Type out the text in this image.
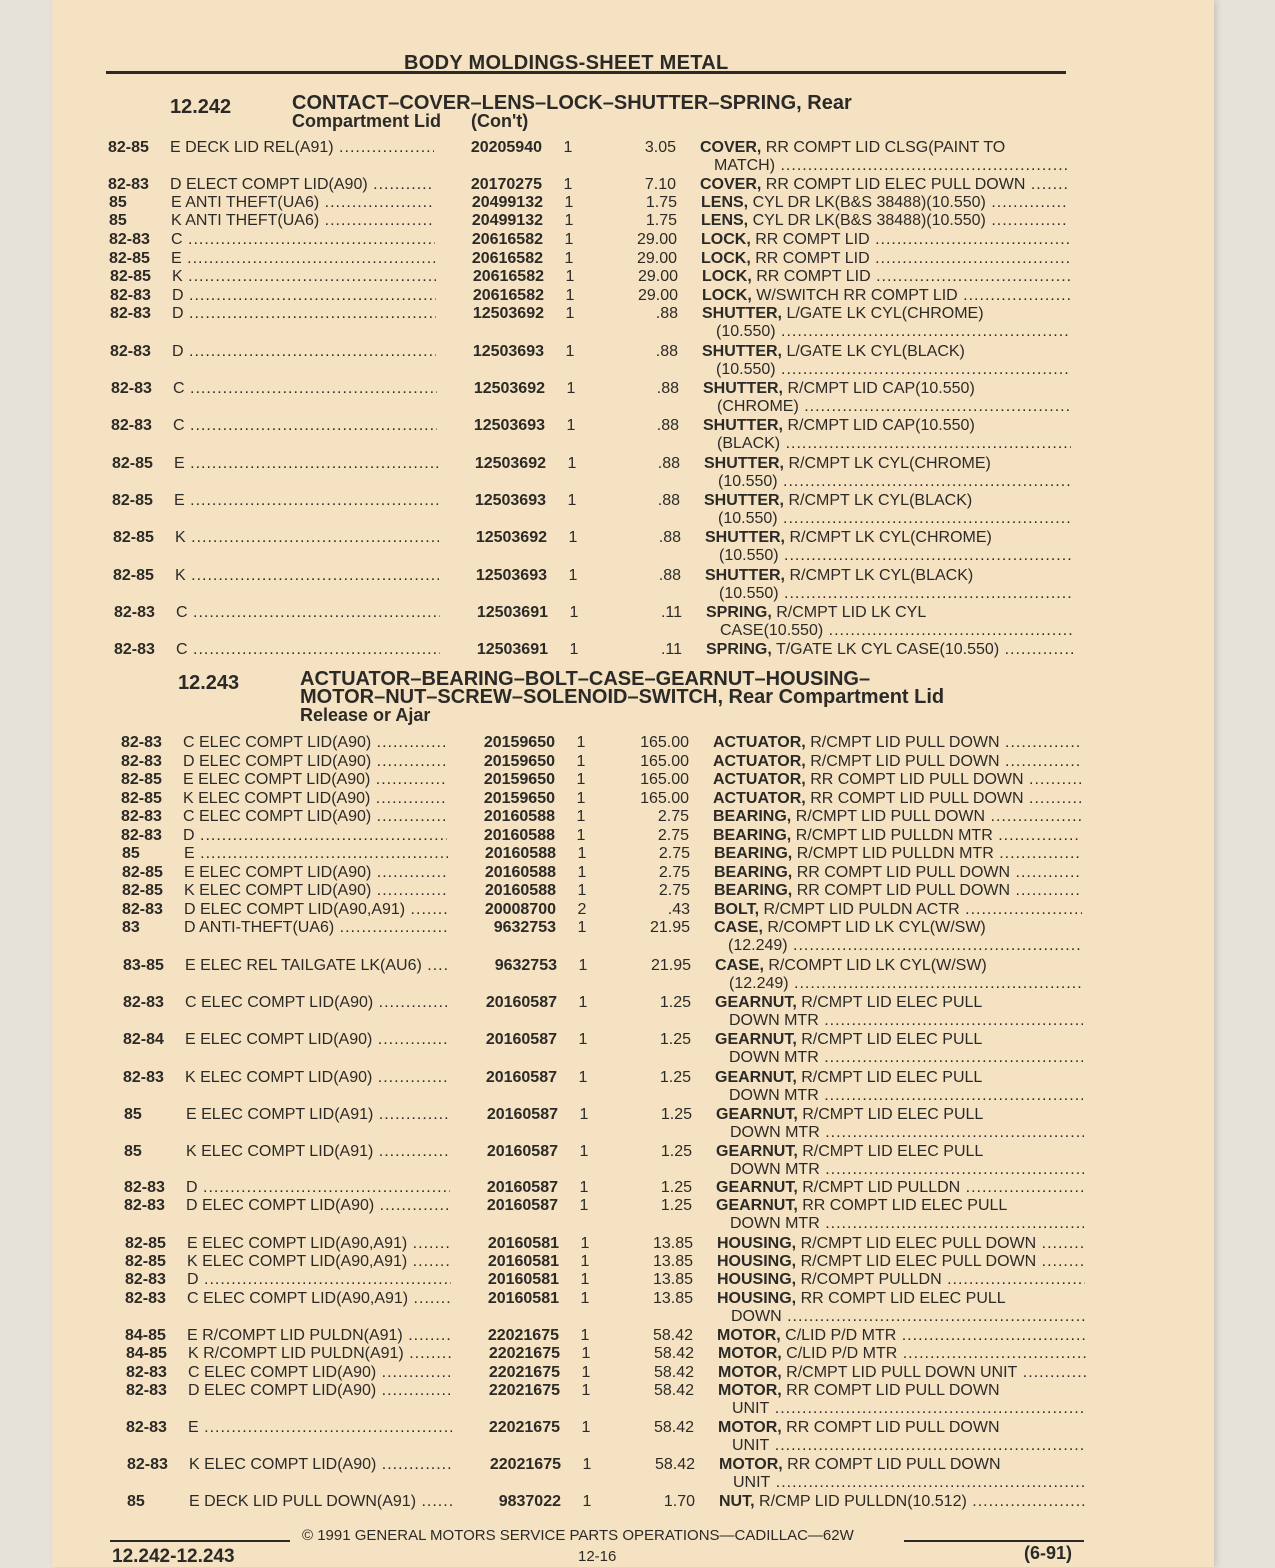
BODY MOLDINGS-SHEET METAL
12.242	CONTACT–COVER–LENS–LOCK–SHUTTER–SPRING, Rear
Compartment Lid (Con't)
82-85	E DECK LID REL(A91) .....	20205940	1	3.05 COVER, RR COMPT LID CLSG(PAINT TO
MATCH) .....
82-83	D ELECT COMPT LID(A90) .....	20170275	1	7.10 COVER, RR COMPT LID ELEC PULL DOWN .....
85	E ANTI THEFT(UA6) .....	20499132	1	1.75 LENS, CYL DR LK(B&S 38488)(10.550) .....
85	K ANTI THEFT(UA6) .....	20499132	1	1.75 LENS, CYL DR LK(B&S 38488)(10.550) .....
82-83	C .....	20616582	1	29.00 LOCK, RR COMPT LID .....
82-85	E .....	20616582	1	29.00 LOCK, RR COMPT LID .....
82-85	K .....	20616582	1	29.00 LOCK, RR COMPT LID .....
82-83	D .....	20616582	1	29.00 LOCK, W/SWITCH RR COMPT LID .....
82-83	D .....	12503692	1	.88 SHUTTER, L/GATE LK CYL(CHROME)
(10.550) .....
82-83	D .....	12503693	1	.88 SHUTTER, L/GATE LK CYL(BLACK)
(10.550) .....
82-83	C .....	12503692	1	.88 SHUTTER, R/CMPT LID CAP(10.550)
(CHROME) .....
82-83	C .....	12503693	1	.88 SHUTTER, R/CMPT LID CAP(10.550)
(BLACK) .....
82-85	E .....	12503692	1	.88 SHUTTER, R/CMPT LK CYL(CHROME)
(10.550) .....
82-85	E .....	12503693	1	.88 SHUTTER, R/CMPT LK CYL(BLACK)
(10.550) .....
82-85	K .....	12503692	1	.88 SHUTTER, R/CMPT LK CYL(CHROME)
(10.550) .....
82-85	K .....	12503693	1	.88 SHUTTER, R/CMPT LK CYL(BLACK)
(10.550) .....
82-83	C .....	12503691	1	.11 SPRING, R/CMPT LID LK CYL
CASE(10.550) .....
82-83	C .....	12503691	1	.11 SPRING, T/GATE LK CYL CASE(10.550) .....
12.243	ACTUATOR–BEARING–BOLT–CASE–GEARNUT–HOUSING–
MOTOR–NUT–SCREW–SOLENOID–SWITCH, Rear Compartment Lid
Release or Ajar
82-83	C ELEC COMPT LID(A90) .....	20159650	1	165.00 ACTUATOR, R/CMPT LID PULL DOWN .....
82-83	D ELEC COMPT LID(A90) .....	20159650	1	165.00 ACTUATOR, R/CMPT LID PULL DOWN .....
82-85	E ELEC COMPT LID(A90) .....	20159650	1	165.00 ACTUATOR, RR COMPT LID PULL DOWN .....
82-85	K ELEC COMPT LID(A90) .....	20159650	1	165.00 ACTUATOR, RR COMPT LID PULL DOWN .....
82-83	C ELEC COMPT LID(A90) .....	20160588	1	2.75 BEARING, R/CMPT LID PULL DOWN .....
82-83	D .....	20160588	1	2.75 BEARING, R/CMPT LID PULLDN MTR .....
85	E .....	20160588	1	2.75 BEARING, R/CMPT LID PULLDN MTR .....
82-85	E ELEC COMPT LID(A90) .....	20160588	1	2.75 BEARING, RR COMPT LID PULL DOWN .....
82-85	K ELEC COMPT LID(A90) .....	20160588	1	2.75 BEARING, RR COMPT LID PULL DOWN .....
82-83	D ELEC COMPT LID(A90,A91) .....	20008700	2	.43 BOLT, R/CMPT LID PULDN ACTR .....
83	D ANTI-THEFT(UA6) .....	9632753	1	21.95 CASE, R/COMPT LID LK CYL(W/SW)
(12.249) .....
83-85	E ELEC REL TAILGATE LK(AU6) .....	9632753	1	21.95 CASE, R/COMPT LID LK CYL(W/SW)
(12.249) .....
82-83	C ELEC COMPT LID(A90) .....	20160587	1	1.25 GEARNUT, R/CMPT LID ELEC PULL
DOWN MTR .....
82-84	E ELEC COMPT LID(A90) .....	20160587	1	1.25 GEARNUT, R/CMPT LID ELEC PULL
DOWN MTR .....
82-83	K ELEC COMPT LID(A90) .....	20160587	1	1.25 GEARNUT, R/CMPT LID ELEC PULL
DOWN MTR .....
85	E ELEC COMPT LID(A91) .....	20160587	1	1.25 GEARNUT, R/CMPT LID ELEC PULL
DOWN MTR .....
85	K ELEC COMPT LID(A91) .....	20160587	1	1.25 GEARNUT, R/CMPT LID ELEC PULL
DOWN MTR .....
82-83	D .....	20160587	1	1.25 GEARNUT, R/CMPT LID PULLDN .....
82-83	D ELEC COMPT LID(A90) .....	20160587	1	1.25 GEARNUT, RR COMPT LID ELEC PULL
DOWN MTR .....
82-85	E ELEC COMPT LID(A90,A91) .....	20160581	1	13.85 HOUSING, R/CMPT LID ELEC PULL DOWN .....
82-85	K ELEC COMPT LID(A90,A91) .....	20160581	1	13.85 HOUSING, R/CMPT LID ELEC PULL DOWN .....
82-83	D .....	20160581	1	13.85 HOUSING, R/COMPT PULLDN .....
82-83	C ELEC COMPT LID(A90,A91) .....	20160581	1	13.85 HOUSING, RR COMPT LID ELEC PULL
DOWN .....
84-85	E R/COMPT LID PULDN(A91) .....	22021675	1	58.42 MOTOR, C/LID P/D MTR .....
84-85	K R/COMPT LID PULDN(A91) .....	22021675	1	58.42 MOTOR, C/LID P/D MTR .....
82-83	C ELEC COMPT LID(A90) .....	22021675	1	58.42 MOTOR, R/CMPT LID PULL DOWN UNIT .....
82-83	D ELEC COMPT LID(A90) .....	22021675	1	58.42 MOTOR, RR COMPT LID PULL DOWN
UNIT .....
82-83	E .....	22021675	1	58.42 MOTOR, RR COMPT LID PULL DOWN
UNIT .....
82-83	K ELEC COMPT LID(A90) .....	22021675	1	58.42 MOTOR, RR COMPT LID PULL DOWN
UNIT .....
85	E DECK LID PULL DOWN(A91) .....	9837022	1	1.70 NUT, R/CMP LID PULLDN(10.512) .....
© 1991 GENERAL MOTORS SERVICE PARTS OPERATIONS—CADILLAC—62W
12.242-12.243	12-16	(6-91)
